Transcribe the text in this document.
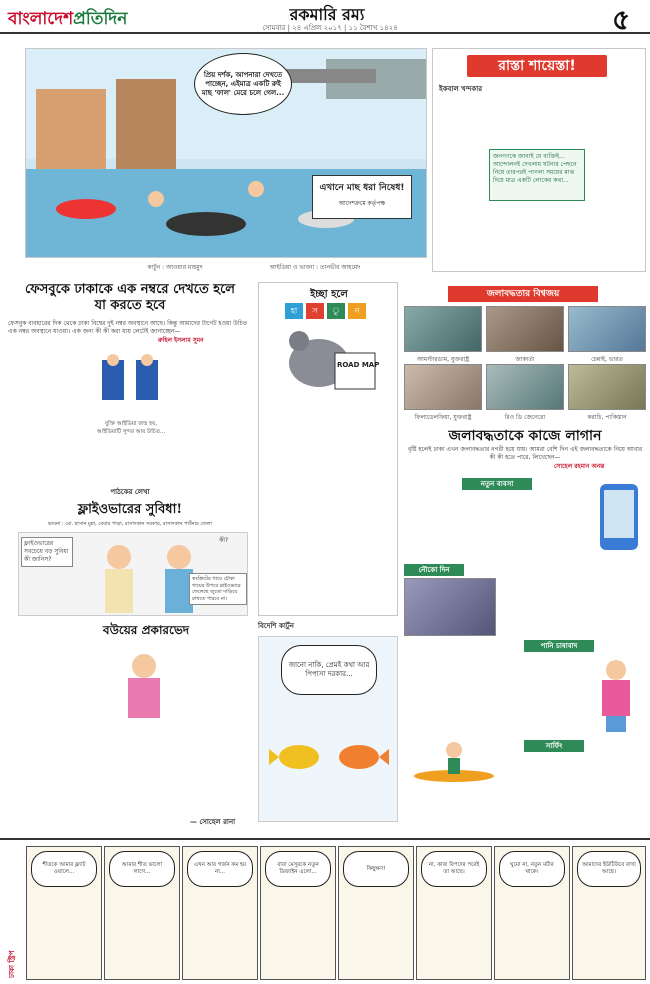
বাংলাদেশপ্রতিদিন	রকমারি রম্য
সোমবার | ২৪ এপ্রিল ২০১৭ | ১১ বৈশাখ ১৪২৪	৫
প্রিয় দর্শক, আপনারা দেখতে পাচ্ছেন, এইমাত্র একটি রুই মাছ 'ফাল' মেরে চলে গেল...
এখানে মাছ ধরা নিষেধ!
আদেশক্রমে কর্তৃপক্ষ
কার্টুন : আওয়ার মাহমুদ	আইডিয়া ও ভাবনা : তানভীর আহমেদ
রাস্তা শায়েস্তা!
ইকবাল খন্দকার
জনগণকে জানাই যে ব্যক্তিই... আন্দোলনই দেখলাম ঘটনার পেছনে নিয়ে তারপরই পাগলা সময়ের মাঝ দিয়ে মাত্র একটি লোকের কথা...
ফেসবুকে ঢাকাকে এক নম্বরে দেখতে হলে যা করতে হবে
ফেসবুক ব্যবহারের দিক থেকে ঢাকা বিশ্বের দুই নম্বর অবস্থানে আছে। কিন্তু আমাদের টার্গেট হওয়া উচিত এক নম্বর অবস্থানে যাওয়া। এক জন্য কী কী করা যায় লেটেই জানাচ্ছেন—
রুহিল ইসলাম সুমন
যুক্তি আইডিয়া জন্ম হয়, আইডিয়াটি সুন্দর আর উচিত...
ইচ্ছা হলে
হা	স	ু	ন
ROAD MAP
পাঠকের লেখা
ফ্লাইওভারের সুবিধা!
ভাবনা : মো. হাসান মুন্না, মেয়ার পাড়া, রাসাদকান সরকার, রাসাদকান পার্টনার জেলা
ফ্লাইওভারের সবচেয়ে বড় সুবিধা কী জানিস?
কী?
কংক্রিটের গায়ে চৌকা গায়ের উপরে স্লাইওভারে ফেলেছে জুতো দাড়িয়ে রাখতে পারবে না।
বউয়ের প্রকারভেদ
— সোহেল রানা
বিদেশি কার্টুন
জানো নাকি, প্রেমই কথা আর পিপাসা দরকার...
জলাবদ্ধতার বিশ্বজয়
আমস্টারডাম, যুক্তরাষ্ট্র	জাকার্তা	চেন্নাই, ভারত
ফিলাডেলফিয়া, যুক্তরাষ্ট্র	রিও ডি জেনেরো	করাচি, পাকিস্তান
জলাবদ্ধতাকে কাজে লাগান
বৃষ্টি হলেই ঢাকা এখন জলাবদ্ধতার নগরী হয়ে যায়। আমরা বেশি দিন এই জলাবদ্ধতাকে নিয়ে আবার কী কী হতে পারে, লিখেছেন—
সোহেল রহমান অনন্ত
নতুন ব্যবসা
নৌকো দিন
পানি চাষাবাদ
সার্ফিং
ঢাকা স্ট্রিপ
শীতকে আমার ফ্ল্যাট ওয়ালে...
আমার শীত ভালো লাগে...
এখন আর গর্জন কম হয় না...
বাবা মেসুরকে নতুন ডিজাইন এলো...
কিছুক্ষণ!
না, কাজ বিপদের পরেই তা আছে।
ঘুমো না, নতুন মর্টার থাকে।
আমাদের ইউটিউবে রাখা আছে।
